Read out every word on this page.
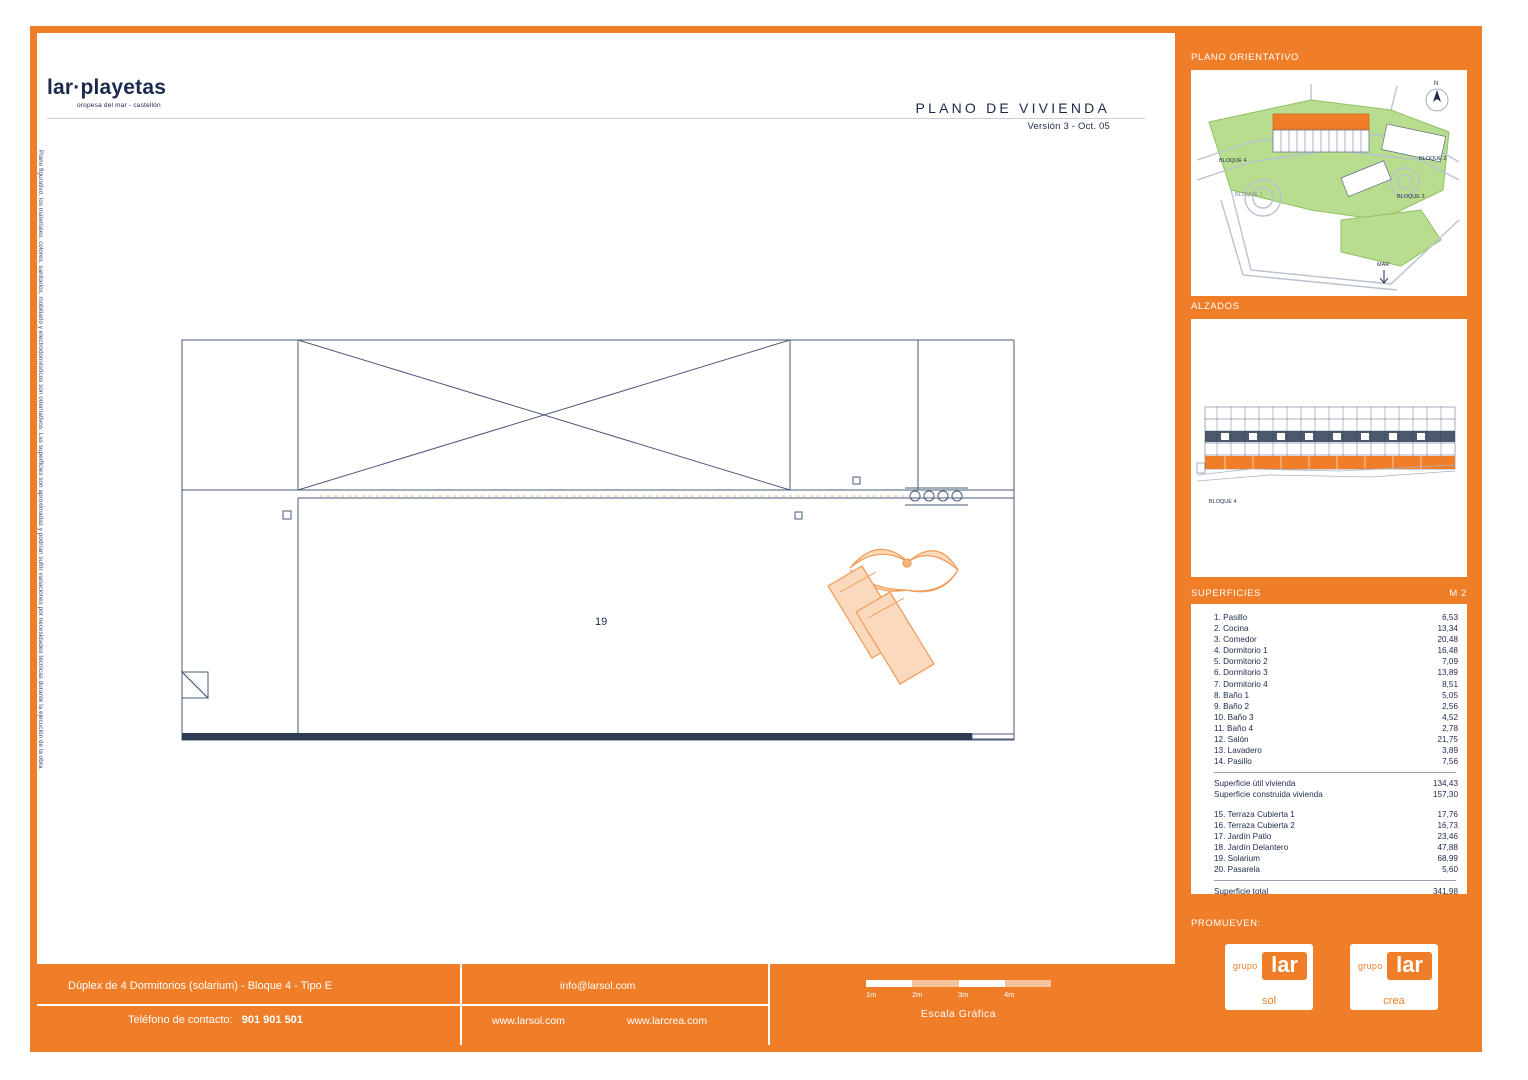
lar·playetas
oropesa del mar - castellón	PLANO DE VIVIENDA
Versión 3 - Oct. 05
Plano figurativo, los materiales, colores, sanitarios, mobiliario y electrodomésticos son orientativos. Las superficies son aproximadas y podrían sufrir variaciones por necesidades técnicas durante la ejecución de la obra.	19
PLANO ORIENTATIVO
BLOQUE 4
BLOQUE 1
BLOQUE 2
BLOQUE 3
N
MAR
ALZADOS
BLOQUE 4
SUPERFICIES	M 2
1. Pasillo	6,53
2. Cocina	13,34
3. Comedor	20,48
4. Dormitorio 1	16,48
5. Dormitorio 2	7,09
6. Dormitorio 3	13,89
7. Dormitorio 4	8,51
8. Baño 1	5,05
9. Baño 2	2,56
10. Baño 3	4,52
11. Baño 4	2,78
12. Salón	21,75
13. Lavadero	3,89
14. Pasillo	7,56
Superficie útil vivienda	134,43
Superficie construida vivienda	157,30
15. Terraza Cubierta 1	17,76
16. Terraza Cubierta 2	16,73
17. Jardín Patio	23,46
18. Jardín Delantero	47,88
19. Solarium	68,99
20. Pasarela	5,60
Superficie total	341,98
PROMUEVEN:
grupo lar
sol
grupo lar
crea
Dúplex de 4 Dormitorios (solarium) - Bloque 4 - Tipo E
Teléfono de contacto: 901 901 501
info@larsol.com
www.larsol.com	www.larcrea.com
1m	2m	3m	4m
Escala Gráfica
